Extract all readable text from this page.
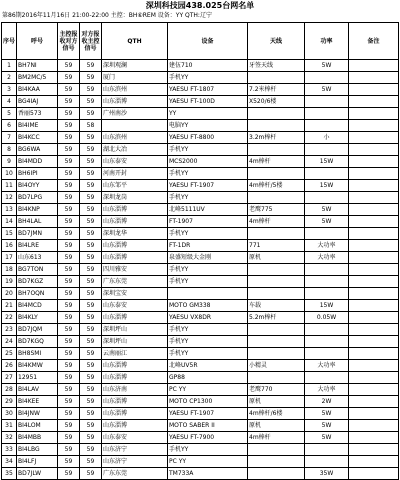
深圳科技园438.025台网名单
第86期2016年11月16日 21:00-22:00 主控：BH⑥REM 设备：YY QTH:辽宁
序号	呼号	主控报收对方信号	对方报收主控信号	QTH	设备	天线	功率	备注
1	BH7NI	59	59	深圳观澜	建伍710	牙签天线	5W	
2	BM2MC/5	59	59	厦门	手机YY			
3	BI4KAA	59	59	山东滨州	YAESU FT-1807	7.2米棒杆	5W	
4	BG4IAJ	59	59	山东淄博	YAESU FT-100D	X520/6楼		
5	香丽573	59	59	广州南沙	YY			
6	BI4IME	59	58		电脑YY			
7	BI4KCC	59	59	山东滨州	YAESU FT-8800	3.2m棒杆	小	
8	BG6WA	59	59	湖北大冶	手机YY			
9	BI4MDD	59	59	山东泰安	MCS2000	4m棒杆	15W	
10	BH6IPI	59	59	河南开封	手机YY			
11	BI4OYY	59	59	山东邹平	YAESU FT-1907	4m棒杆/5楼	15W	
12	BD7LPG	59	59	深圳龙岗	手机YY			
13	BI4KNP	59	59	山东淄博	北峰5111UV	老鹰775	5W	
14	BH4LAL	59	59	山东淄博	FT-1907	4m棒杆	5W	
15	BD7JMN	59	59	深圳龙华	手机YY			
16	BI4LRE	59	59	山东淄博	FT-1DR	771	大功率	
17	山东613	59	59	山东淄博	泉盛短级大金刚	原机	大功率	
18	BG7TON	59	59	四川雅安	手机YY			
19	BD7KGZ	59	59	广东东莞	手机YY			
20	BH7OQN	59	59	深圳宝安				
21	BI4MCD	59	59	山东泰安	MOTO GM338	车载	15W	
22	BI4KLY	59	59	山东淄博	YAESU VX8DR	5.2m棒杆	0.05W	
23	BD7JQM	59	59	深圳坪山	手机YY			
24	BD7KGQ	59	59	深圳坪山	手机YY			
25	BH8SMI	59	59	云南丽江	手机YY			
26	BI4KMW	59	59	山东淄博	北峰UV5R	小精灵	大功率	
27	12951	59	59	山东淄博	GP88			
28	BI4LAV	59	59	山东济南	PC YY	老鹰770	大功率	
29	BI4KEE	59	59	山东淄博	MOTO CP1300	原机	2W	
30	BI4JNW	59	59	山东淄博	YAESU FT-1907	4m棒杆/6楼	5W	
31	BI4LOM	59	59	山东淄博	MOTO SABER II	原机	5W	
32	BI4MBB	59	59	山东泰安	YAESU FT-7900	4m棒杆	5W	
33	BI4LBG	59	59	山东济宁	手机YY			
34	BI4LFJ	59	59	山东济宁	PC YY			
35	BD7JLW	59	59	广东东莞	TM733A		35W	
